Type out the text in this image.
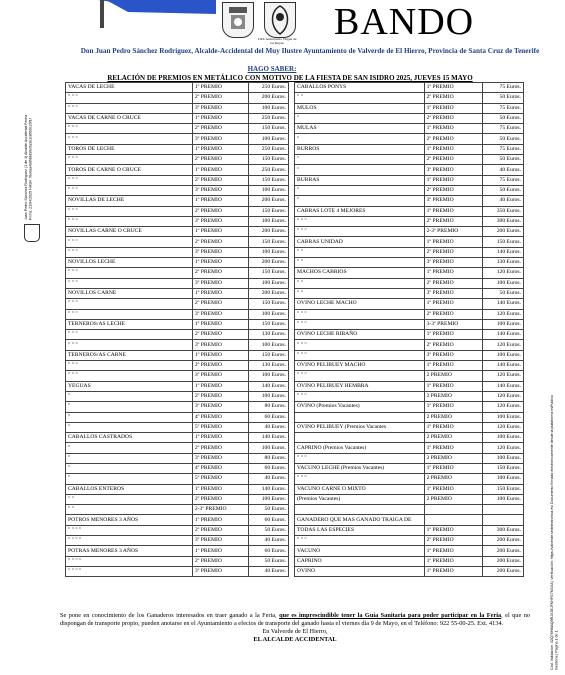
LXX Aniversario Virgen de los Reyes	BANDO
Don Juan Pedro Sánchez Rodríguez, Alcalde-Accidental del Muy Ilustre Ayuntamiento de Valverde de El Hierro, Provincia de Santa Cruz de Tenerife
HAGO SABER:
RELACIÓN DE PREMIOS EN METÁLICO CON MOTIVO DE LA FIESTA DE SAN ISIDRO 2025, JUEVES 15 MAYO
Juan Pedro Sánchez Rodríguez (1 de 1) Alcalde Accidental Fecha Firma: 21/04/2025 HASH: f0e6aa4b8fd8d30e5a3b1c85b9c29f1f
Cód. Validación: 3ZQ76HMAQ9RJX3EJFKHFG7NSXA | Verificación: https://valverde.sedelectronica.es/ Documento firmado electrónicamente desde la plataforma esPublico Gestiona | Página 1 de 1
VACAS DE LECHE	1º PREMIO	250 Euros.
" " "	2º PREMIO	200 Euros.
" " "	3º PREMIO	100 Euros.
VACAS DE CARNE O CRUCE	1º PREMIO	250 Euros.
" " "	2º PREMIO	150 Euros.
" " "	3º PREMIO	100 Euros.
TOROS DE LECHE	1º PREMIO	250 Euros.
" " "	2º PREMIO	150 Euros.
TOROS DE CARNE O CRUCE	1º PREMIO	250 Euros.
" " "	2º PREMIO	150 Euros.
" " "	3º PREMIO	100 Euros.
NOVILLAS DE LECHE	1º PREMIO	200 Euros.
" " "	2º PREMIO	150 Euros.
" " "	3º PREMIO	100 Euros.
NOVILLAS CARNE O CRUCE	1º PREMIO	200 Euros.
" " "	2º PREMIO	150 Euros.
" " "	3º PREMIO	100 Euros.
NOVILLOS LECHE	1º PREMIO	200 Euros.
" " "	2º PREMIO	150 Euros.
" " "	3º PREMIO	100 Euros.
NOVILLOS CARNE	1º PREMIO	200 Euros.
" " "	2º PREMIO	150 Euros.
" " "	3º PREMIO	100 Euros.
TERNEROS/AS LECHE	1º PREMIO	150 Euros.
" " "	2º PREMIO	130 Euros.
" " "	3º PREMIO	100 Euros.
TERNEROS/AS CARNE	1º PREMIO	150 Euros.
" " "	2º PREMIO	130 Euros.
" " "	3º PREMIO	100 Euros.
YEGUAS	1º PREMIO	140 Euros.
"	2º PREMIO	100 Euros.
"	3º PREMIO	80 Euros.
"	4º PREMIO	60 Euros.
"	5º PREMIO	40 Euros.
CABALLOS CASTRADOS	1º PREMIO	140 Euros.
"	2º PREMIO	100 Euros.
"	3º PREMIO	80 Euros.
"	4º PREMIO	60 Euros.
"	5º PREMIO	40 Euros.
CABALLOS ENTEROS	1º PREMIO	140 Euros.
" "	2º PREMIO	100 Euros.
" "	2-3º PREMIO	50 Euros.
POTROS MENORES 3 AÑOS	1º PREMIO	60 Euros.
" " " "	2º PREMIO	50 Euros.
" " " "	3º PREMIO	40 Euros.
POTRAS MENORES 3 AÑOS	1º PREMIO	60 Euros.
" " " "	2º PREMIO	50 Euros.
" " " "	3º PREMIO	40 Euros.
CABALLOS PONYS	1º PREMIO	75 Euros.
" "	2º PREMIO	50 Euros.
MULOS	1º PREMIO	75 Euros.
"	2º PREMIO	50 Euros.
MULAS	1º PREMIO	75 Euros.
"	2º PREMIO	50 Euros.
BURROS	1º PREMIO	75 Euros.
"	2º PREMIO	50 Euros.
"	3º PREMIO	40 Euros.
BURRAS	1º PREMIO	75 Euros.
"	2º PREMIO	50 Euros.
"	3º PREMIO	40 Euros.
CABRAS LOTE 4 MEJORES	1º PREMIO	350 Euros.
" " "	2º PREMIO	300 Euros.
" " "	2-3º PREMIO	200 Euros.
CABRAS UNIDAD	1º PREMIO	150 Euros.
" "	2º PREMIO	140 Euros.
" "	3º PREMIO	130 Euros.
MACHOS CABRIOS	1º PREMIO	120 Euros.
" "	2º PREMIO	100 Euros.
" "	3º PREMIO	50 Euros.
OVINO LECHE MACHO	1º PREMIO	140 Euros.
" " "	2º PREMIO	120 Euros.
" " "	3-3º PREMIO	100 Euros.
OVINO LECHE RIBAÑO	1º PREMIO	140 Euros.
" " "	2º PREMIO	120 Euros.
" " "	3º PREMIO	100 Euros.
OVINO PELIBUEY MACHO	1º PREMIO	140 Euros.
" " "	2 PREMIO	120 Euros.
OVINO PELIBUEY HEMBRA	1º PREMIO	140 Euros.
" " "	2 PREMIO	120 Euros.
OVINO (Premios Vacantes)	1º PREMIO	120 Euros.
	2 PREMIO	100 Euros.
OVINO PELIBUEY (Premios Vacantes	1º PREMIO	120 Euros.
	2 PREMIO	100 Euros.
CAPRINO (Premios Vacantes)	1º PREMIO	120 Euros.
" " "	2 PREMIO	100 Euros.
VACUNO LECHE (Premios Vacantes)	1º PREMIO	150 Euros.
" " "	2 PREMIO	100 Euros.
VACUNO CARNE O MIXTO	1º PREMIO	150 Euros.
(Premios Vacantes)	2 PREMIO	100 Euros.

GANADERO QUE MAS GANADO TRAIGA DE		
TODAS LAS ESPECIES	1º PREMIO	300 Euros.
" " "	2º PREMIO	200 Euros.
VACUNO	1º PREMIO	200 Euros.
CAPRINO	1º PREMIO	200 Euros.
OVINO	1º PREMIO	200 Euros.
Se pone en conocimiento de los Ganaderos interesados en traer ganado a la Feria, que es imprescindible tener la Guía Sanitaria para poder participar en la Feria, el que no dispongan de transporte propio, pueden anotarse en el Ayuntamiento a efectos de transporte del ganado hasta el viernes día 9 de Mayo, en el Teléfono: 922 55-00-25. Ext. 4134.
En Valverde de El Hierro,
EL ALCALDE ACCIDENTAL
